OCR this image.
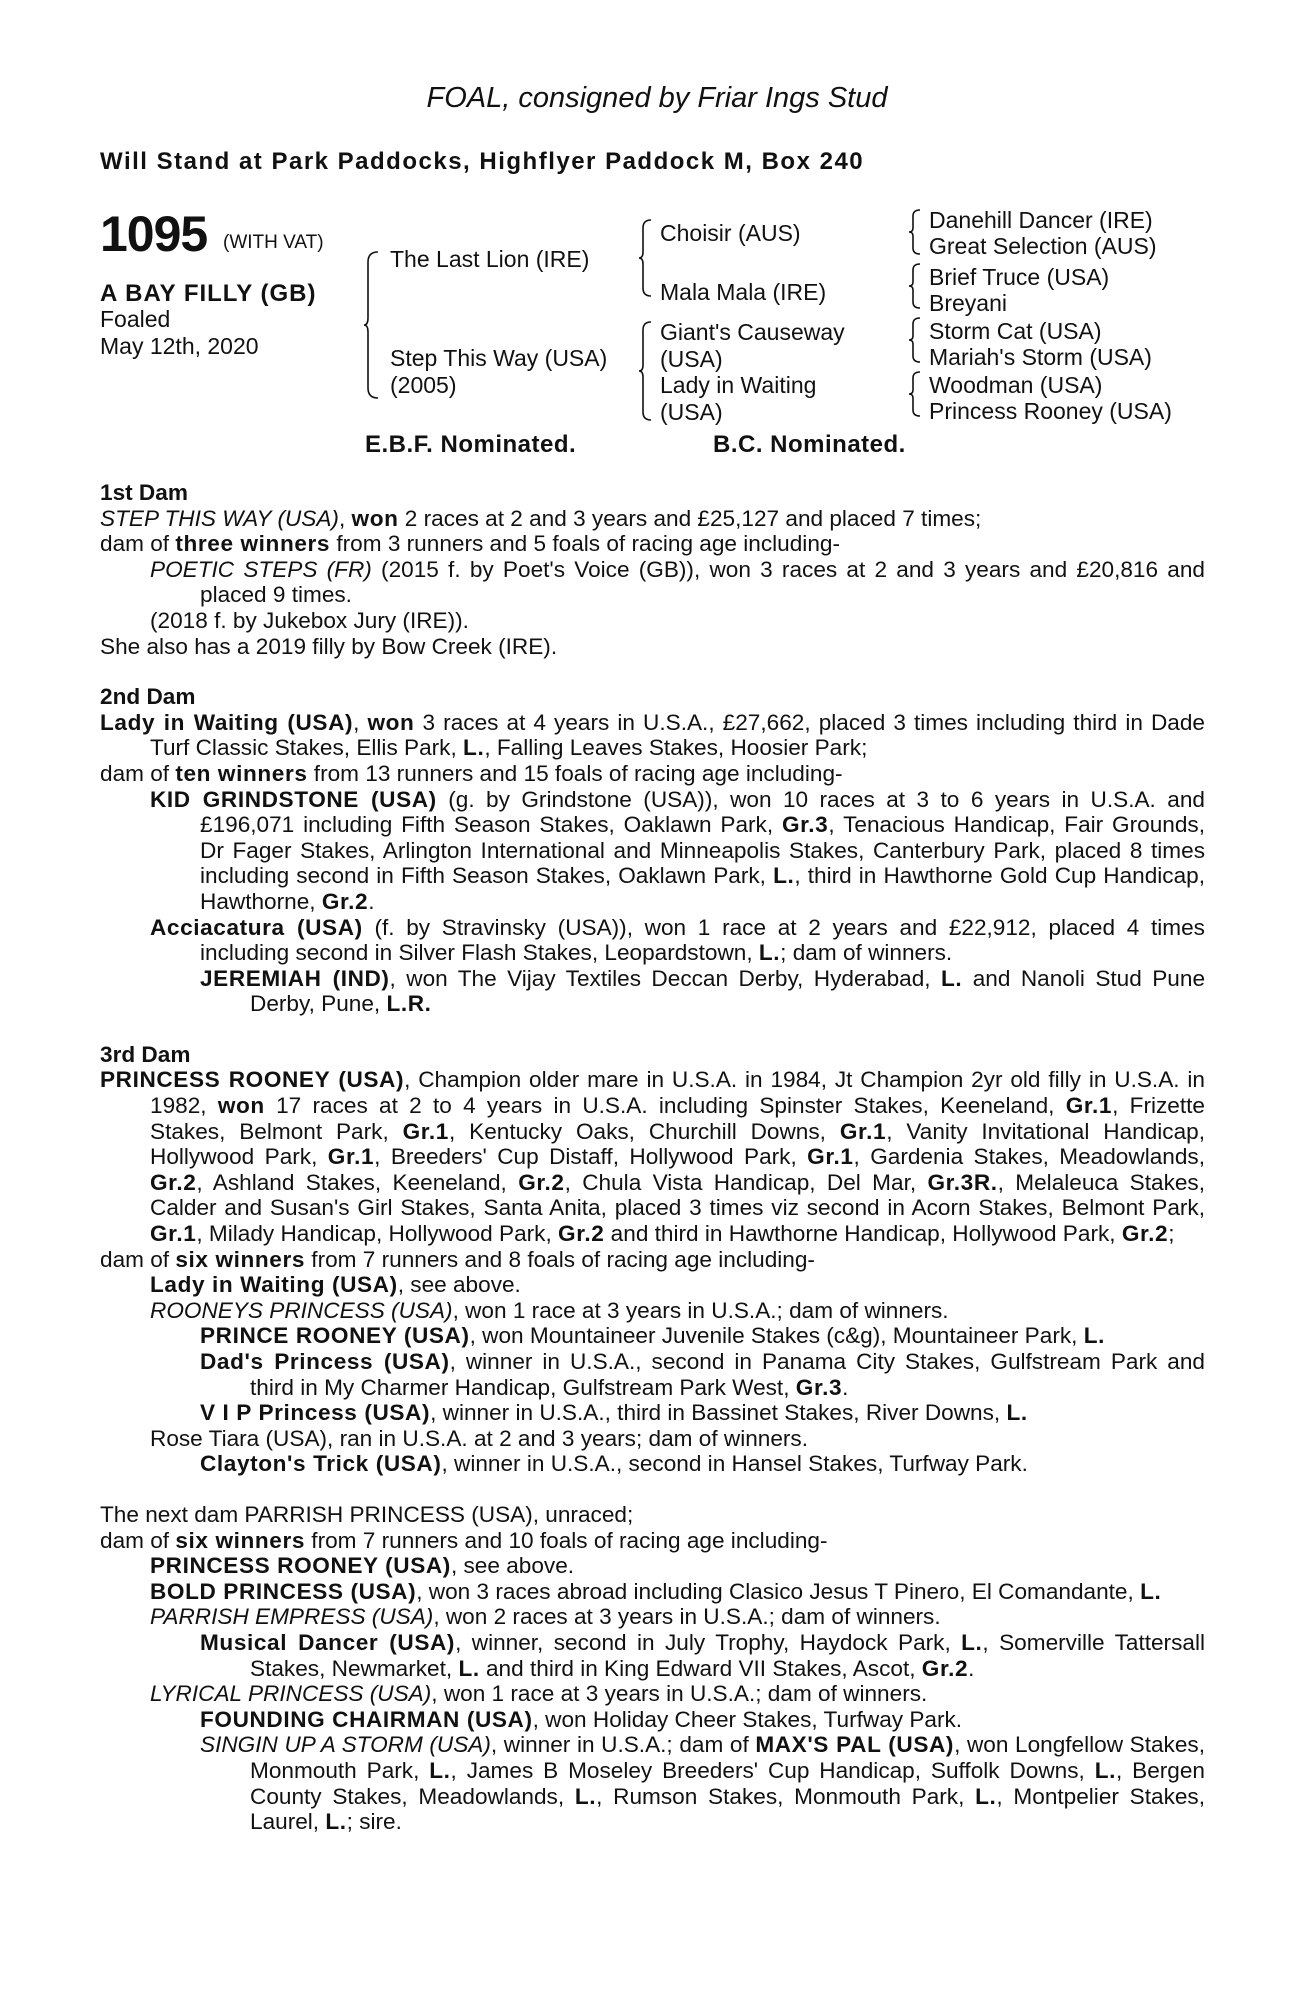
FOAL, consigned by Friar Ings Stud
Will Stand at Park Paddocks, Highflyer Paddock M, Box 240
1095 (WITH VAT)
A BAY FILLY (GB)
Foaled
May 12th, 2020
The Last Lion (IRE)
Step This Way (USA)
(2005)
Choisir (AUS)
Mala Mala (IRE)
Giant's Causeway
(USA)
Lady in Waiting
(USA)
Danehill Dancer (IRE)
Great Selection (AUS)
Brief Truce (USA)
Breyani
Storm Cat (USA)
Mariah's Storm (USA)
Woodman (USA)
Princess Rooney (USA)
E.B.F. Nominated.	B.C. Nominated.
1st Dam
STEP THIS WAY (USA), won 2 races at 2 and 3 years and £25,127 and placed 7 times;
dam of three winners from 3 runners and 5 foals of racing age including-
POETIC STEPS (FR) (2015 f. by Poet's Voice (GB)), won 3 races at 2 and 3 years and £20,816 and placed 9 times.
(2018 f. by Jukebox Jury (IRE)).
She also has a 2019 filly by Bow Creek (IRE).
2nd Dam
Lady in Waiting (USA), won 3 races at 4 years in U.S.A., £27,662, placed 3 times including third in Dade Turf Classic Stakes, Ellis Park, L., Falling Leaves Stakes, Hoosier Park;
dam of ten winners from 13 runners and 15 foals of racing age including-
KID GRINDSTONE (USA) (g. by Grindstone (USA)), won 10 races at 3 to 6 years in U.S.A. and £196,071 including Fifth Season Stakes, Oaklawn Park, Gr.3, Tenacious Handicap, Fair Grounds, Dr Fager Stakes, Arlington International and Minneapolis Stakes, Canterbury Park, placed 8 times including second in Fifth Season Stakes, Oaklawn Park, L., third in Hawthorne Gold Cup Handicap, Hawthorne, Gr.2.
Acciacatura (USA) (f. by Stravinsky (USA)), won 1 race at 2 years and £22,912, placed 4 times including second in Silver Flash Stakes, Leopardstown, L.; dam of winners.
JEREMIAH (IND), won The Vijay Textiles Deccan Derby, Hyderabad, L. and Nanoli Stud Pune Derby, Pune, L.R.
3rd Dam
PRINCESS ROONEY (USA), Champion older mare in U.S.A. in 1984, Jt Champion 2yr old filly in U.S.A. in 1982, won 17 races at 2 to 4 years in U.S.A. including Spinster Stakes, Keeneland, Gr.1, Frizette Stakes, Belmont Park, Gr.1, Kentucky Oaks, Churchill Downs, Gr.1, Vanity Invitational Handicap, Hollywood Park, Gr.1, Breeders' Cup Distaff, Hollywood Park, Gr.1, Gardenia Stakes, Meadowlands, Gr.2, Ashland Stakes, Keeneland, Gr.2, Chula Vista Handicap, Del Mar, Gr.3R., Melaleuca Stakes, Calder and Susan's Girl Stakes, Santa Anita, placed 3 times viz second in Acorn Stakes, Belmont Park, Gr.1, Milady Handicap, Hollywood Park, Gr.2 and third in Hawthorne Handicap, Hollywood Park, Gr.2;
dam of six winners from 7 runners and 8 foals of racing age including-
Lady in Waiting (USA), see above.
ROONEYS PRINCESS (USA), won 1 race at 3 years in U.S.A.; dam of winners.
PRINCE ROONEY (USA), won Mountaineer Juvenile Stakes (c&g), Mountaineer Park, L.
Dad's Princess (USA), winner in U.S.A., second in Panama City Stakes, Gulfstream Park and third in My Charmer Handicap, Gulfstream Park West, Gr.3.
V I P Princess (USA), winner in U.S.A., third in Bassinet Stakes, River Downs, L.
Rose Tiara (USA), ran in U.S.A. at 2 and 3 years; dam of winners.
Clayton's Trick (USA), winner in U.S.A., second in Hansel Stakes, Turfway Park.
The next dam PARRISH PRINCESS (USA), unraced;
dam of six winners from 7 runners and 10 foals of racing age including-
PRINCESS ROONEY (USA), see above.
BOLD PRINCESS (USA), won 3 races abroad including Clasico Jesus T Pinero, El Comandante, L.
PARRISH EMPRESS (USA), won 2 races at 3 years in U.S.A.; dam of winners.
Musical Dancer (USA), winner, second in July Trophy, Haydock Park, L., Somerville Tattersall Stakes, Newmarket, L. and third in King Edward VII Stakes, Ascot, Gr.2.
LYRICAL PRINCESS (USA), won 1 race at 3 years in U.S.A.; dam of winners.
FOUNDING CHAIRMAN (USA), won Holiday Cheer Stakes, Turfway Park.
SINGIN UP A STORM (USA), winner in U.S.A.; dam of MAX'S PAL (USA), won Longfellow Stakes, Monmouth Park, L., James B Moseley Breeders' Cup Handicap, Suffolk Downs, L., Bergen County Stakes, Meadowlands, L., Rumson Stakes, Monmouth Park, L., Montpelier Stakes, Laurel, L.; sire.
